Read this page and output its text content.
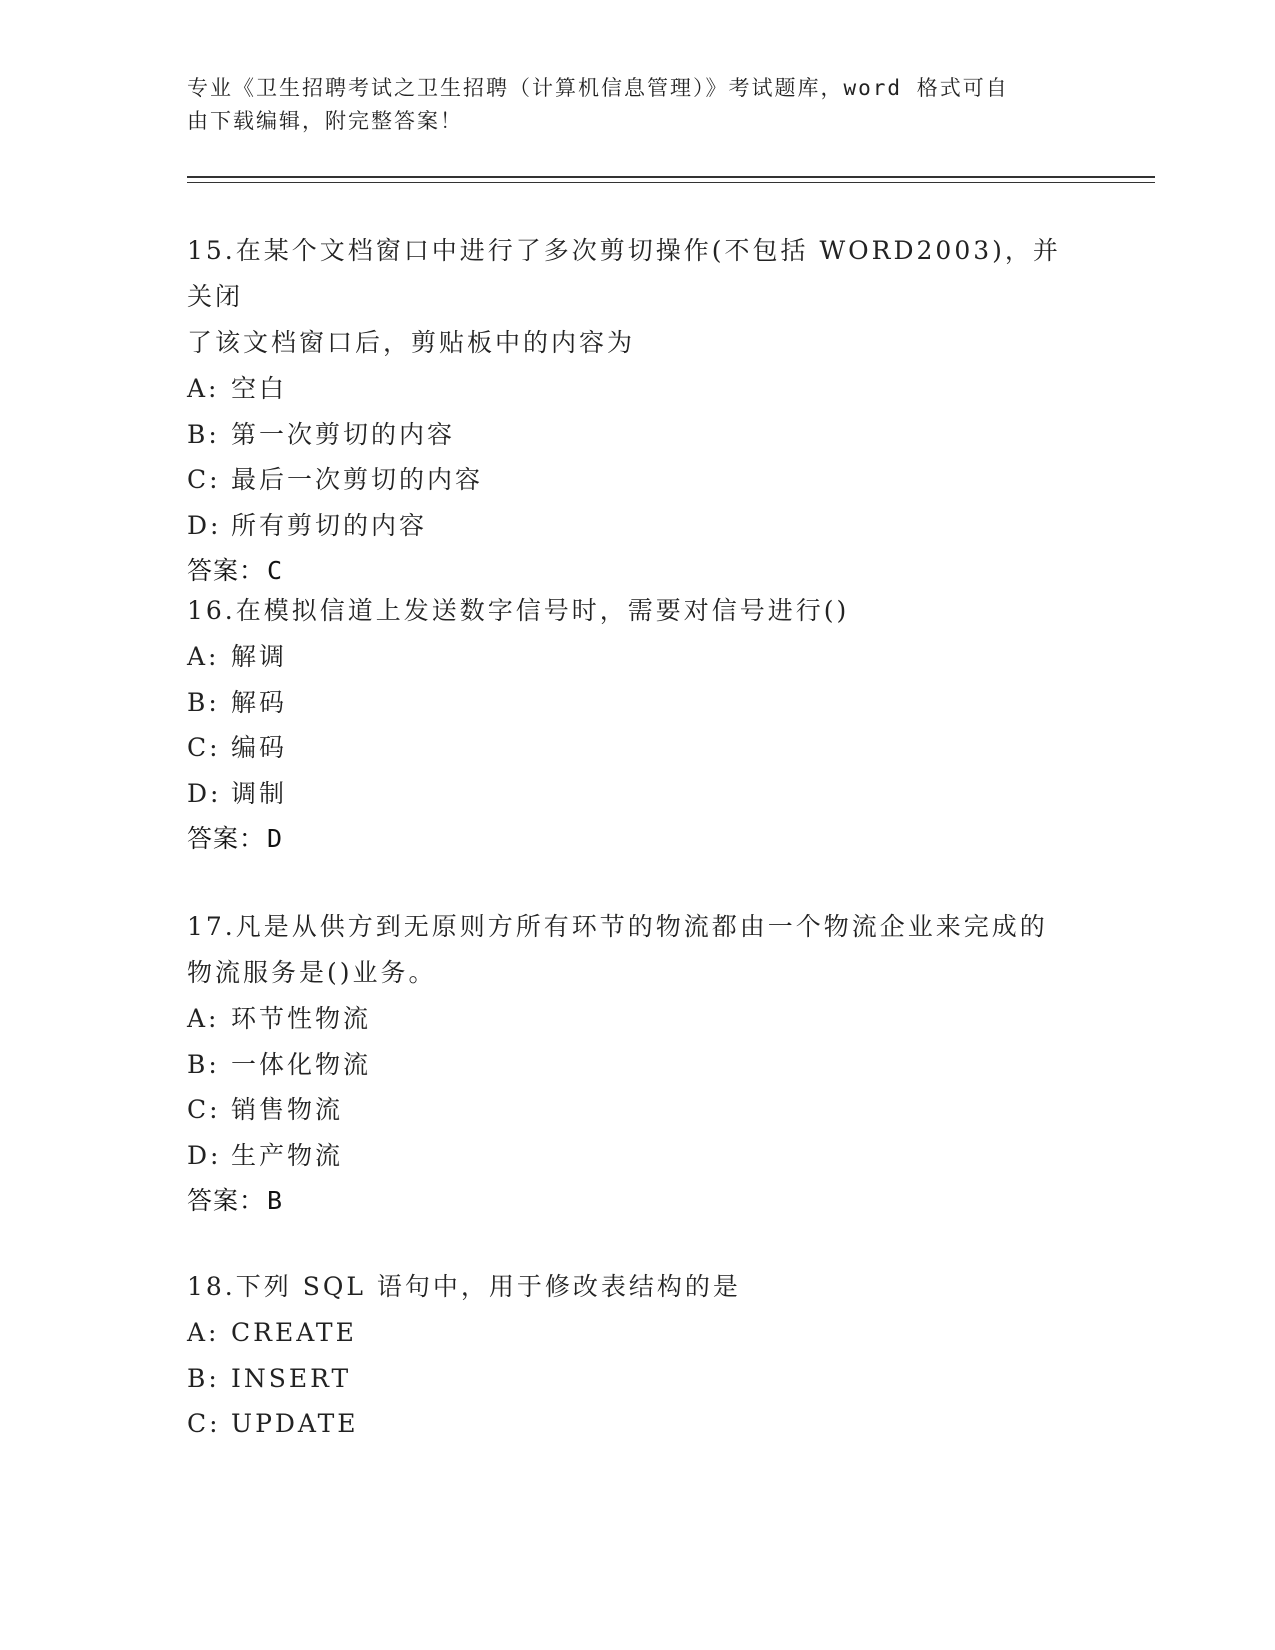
专业《卫生招聘考试之卫生招聘（计算机信息管理）》考试题库，word 格式可自
由下载编辑，附完整答案！
15.在某个文档窗口中进行了多次剪切操作(不包括 WORD2003)，并关闭
了该文档窗口后，剪贴板中的内容为
A: 空白
B: 第一次剪切的内容
C: 最后一次剪切的内容
D: 所有剪切的内容
答案：C
16.在模拟信道上发送数字信号时，需要对信号进行()
A: 解调
B: 解码
C: 编码
D: 调制
答案：D
17.凡是从供方到无原则方所有环节的物流都由一个物流企业来完成的
物流服务是()业务。
A: 环节性物流
B: 一体化物流
C: 销售物流
D: 生产物流
答案：B
18.下列 SQL 语句中，用于修改表结构的是
A: CREATE
B: INSERT
C: UPDATE
